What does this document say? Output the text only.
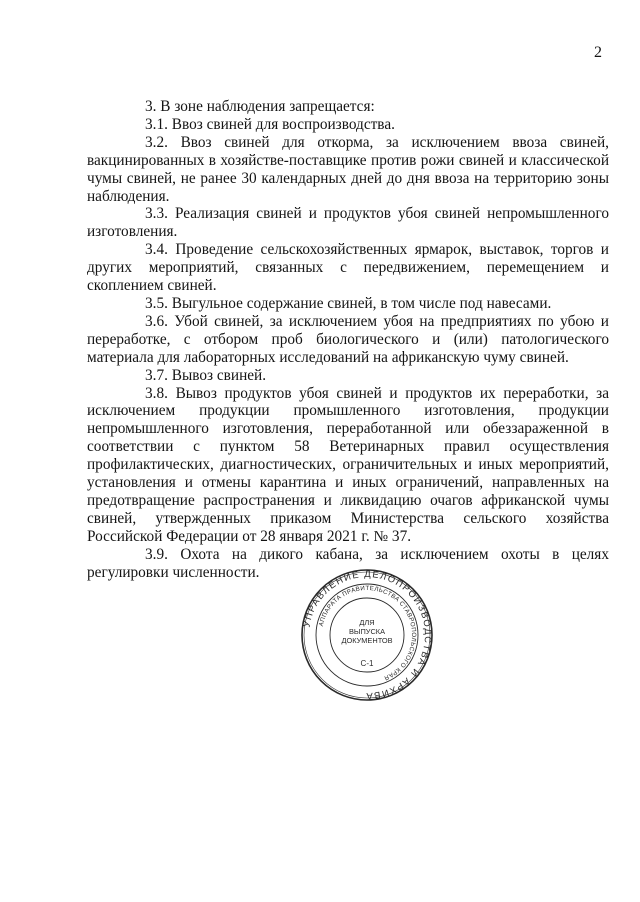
2

3. В зоне наблюдения запрещается:

3.1. Ввоз свиней для воспроизводства.

3.2. Ввоз свиней для откорма, за исключением ввоза свиней, вакцинированных в хозяйстве-поставщике против рожи свиней и классической чумы свиней, не ранее 30 календарных дней до дня ввоза на территорию зоны наблюдения.

3.3. Реализация свиней и продуктов убоя свиней непромышленного изготовления.

3.4. Проведение сельскохозяйственных ярмарок, выставок, торгов и других мероприятий, связанных с передвижением, перемещением и скоплением свиней.

3.5. Выгульное содержание свиней, в том числе под навесами.

3.6. Убой свиней, за исключением убоя на предприятиях по убою и переработке, с отбором проб биологического и (или) патологического материала для лабораторных исследований на африканскую чуму свиней.

3.7. Вывоз свиней.

3.8. Вывоз продуктов убоя свиней и продуктов их переработки, за исключением продукции промышленного изготовления, продукции непромышленного изготовления, переработанной или обеззараженной в соответствии с пунктом 58 Ветеринарных правил осуществления профилактических, диагностических, ограничительных и иных мероприятий, установления и отмены карантина и иных ограничений, направленных на предотвращение распространения и ликвидацию очагов африканской чумы свиней, утвержденных приказом Министерства сельского хозяйства Российской Федерации от 28 января 2021 г. № 37.

3.9. Охота на дикого кабана, за исключением охоты в целях регулировки численности.

УПРАВЛЕНИЕ ДЕЛОПРОИЗВОДСТВА И АРХИВА
АППАРАТА ПРАВИТЕЛЬСТВА СТАВРОПОЛЬСКОГО КРАЯ
ДЛЯ
ВЫПУСКА
ДОКУМЕНТОВ
С-1
